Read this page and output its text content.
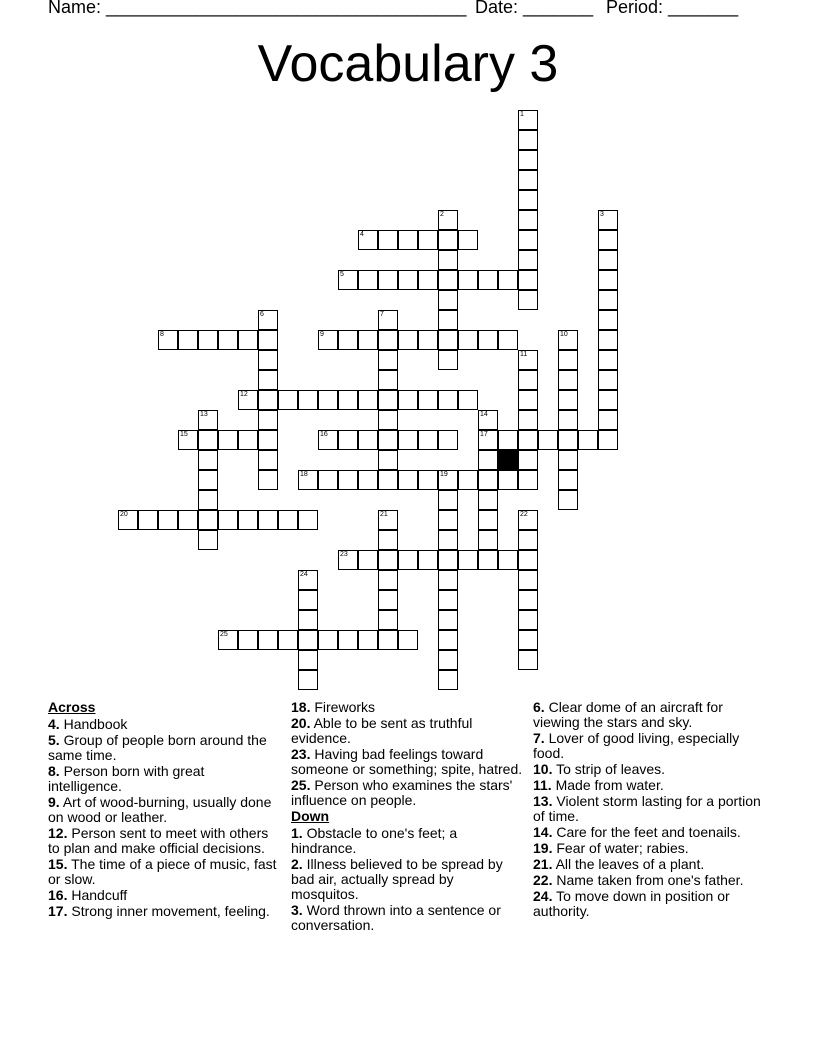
Name: ____________________________________ Date: _______ Period: _______
Vocabulary 3
1
2	3
4
5
6	7
8	9	10
11
12
13	14
17
15	16
18	19
20	21	22
23
24
25
Across
4. Handbook
5. Group of people born around the same time.
8. Person born with great intelligence.
9. Art of wood-burning, usually done on wood or leather.
12. Person sent to meet with others to plan and make official decisions.
15. The time of a piece of music, fast or slow.
16. Handcuff
17. Strong inner movement, feeling.
18. Fireworks
20. Able to be sent as truthful evidence.
23. Having bad feelings toward someone or something; spite, hatred.
25. Person who examines the stars' influence on people.
Down
1. Obstacle to one's feet; a hindrance.
2. Illness believed to be spread by bad air, actually spread by mosquitos.
3. Word thrown into a sentence or conversation.
6. Clear dome of an aircraft for viewing the stars and sky.
7. Lover of good living, especially food.
10. To strip of leaves.
11. Made from water.
13. Violent storm lasting for a portion of time.
14. Care for the feet and toenails.
19. Fear of water; rabies.
21. All the leaves of a plant.
22. Name taken from one's father.
24. To move down in position or authority.
